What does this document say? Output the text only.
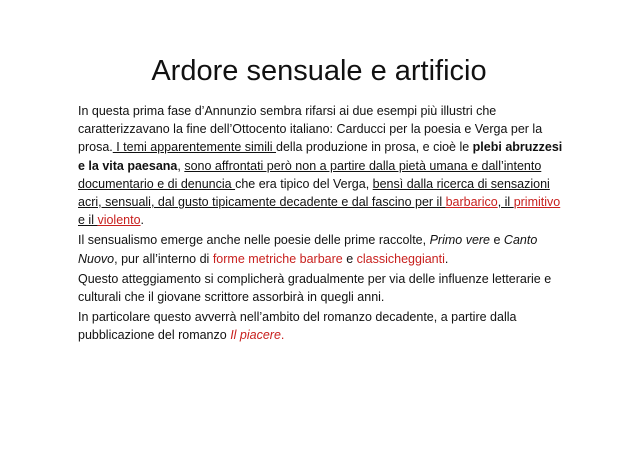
Ardore sensuale e artificio

In questa prima fase d’Annunzio sembra rifarsi ai due esempi più illustri che caratterizzavano la fine dell’Ottocento italiano: Carducci per la poesia e Verga per la prosa. I temi apparentemente simili della produzione in prosa, e cioè le plebi abruzzesi e la vita paesana, sono affrontati però non a partire dalla pietà umana e dall’intento documentario e di denuncia che era tipico del Verga, bensì dalla ricerca di sensazioni acri, sensuali, dal gusto tipicamente decadente e dal fascino per il barbarico, il primitivo e il violento.

Il sensualismo emerge anche nelle poesie delle prime raccolte, Primo vere e Canto Nuovo, pur all’interno di forme metriche barbare e classicheggianti.

Questo atteggiamento si complicherà gradualmente per via delle influenze letterarie e culturali che il giovane scrittore assorbirà in quegli anni.

In particolare questo avverrà nell’ambito del romanzo decadente, a partire dalla pubblicazione del romanzo Il piacere.
